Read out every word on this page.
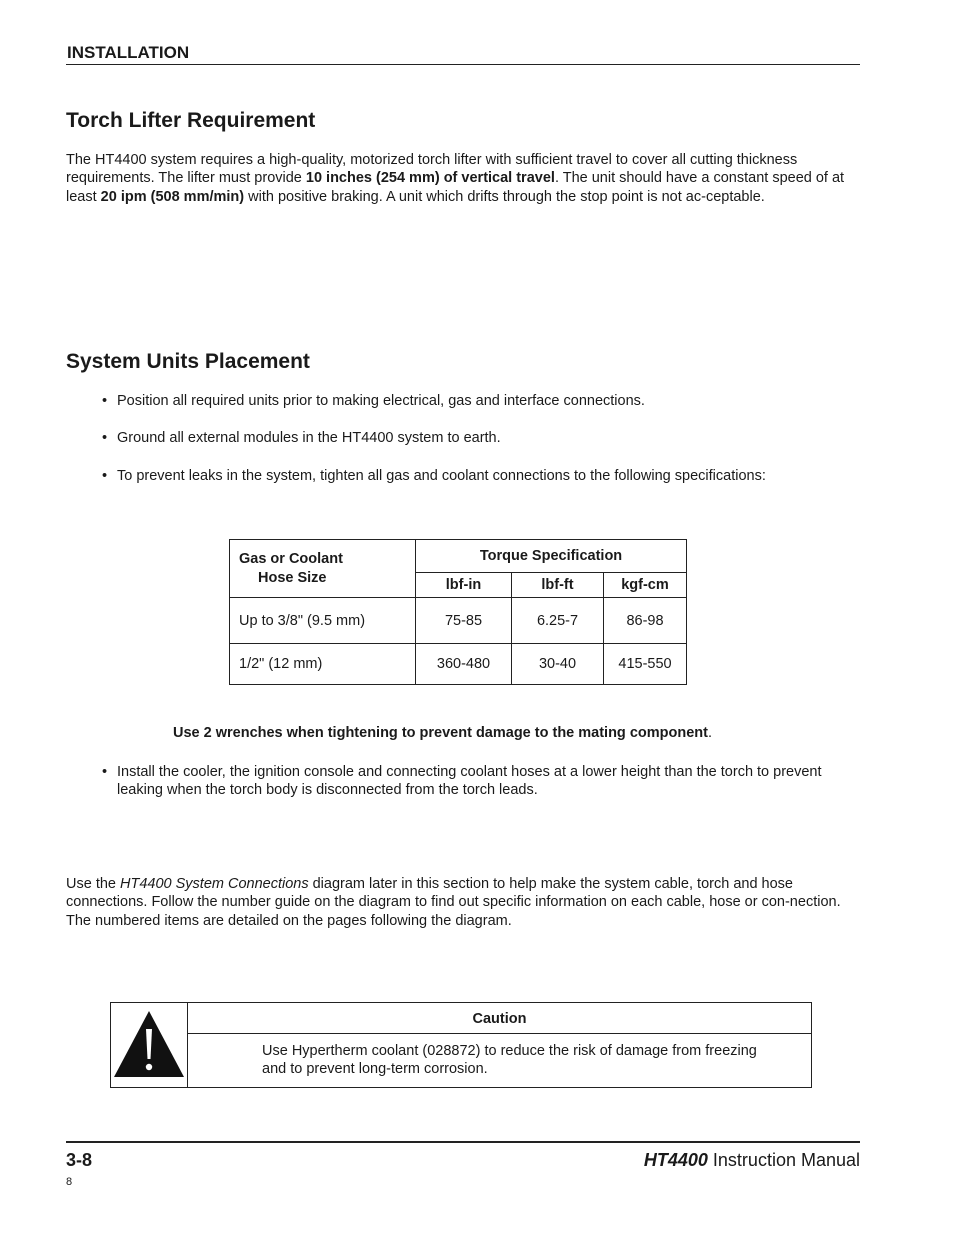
INSTALLATION
Torch Lifter Requirement
The HT4400 system requires a high-quality, motorized torch lifter with sufficient travel to cover all cutting thickness requirements. The lifter must provide 10 inches (254 mm) of vertical travel. The unit should have a constant speed of at least 20 ipm (508 mm/min) with positive braking. A unit which drifts through the stop point is not ac-ceptable.
System Units Placement
• Position all required units prior to making electrical, gas and interface connections.
• Ground all external modules in the HT4400 system to earth.
• To prevent leaks in the system, tighten all gas and coolant connections to the following specifications:
Gas or Coolant
Hose Size	Torque Specification		
	lbf-in	lbf-ft	kgf-cm
Up to 3/8" (9.5 mm)	75-85	6.25-7	86-98
1/2" (12 mm)	360-480	30-40	415-550
Use 2 wrenches when tightening to prevent damage to the mating component.
• Install the cooler, the ignition console and connecting coolant hoses at a lower height than the torch to prevent leaking when the torch body is disconnected from the torch leads.
Use the HT4400 System Connections diagram later in this section to help make the system cable, torch and hose connections. Follow the number guide on the diagram to find out specific information on each cable, hose or con-nection. The numbered items are detailed on the pages following the diagram.
Caution
Use Hypertherm coolant (028872) to reduce the risk of damage from freezing and to prevent long-term corrosion.
3-8	HT4400 Instruction Manual
8
